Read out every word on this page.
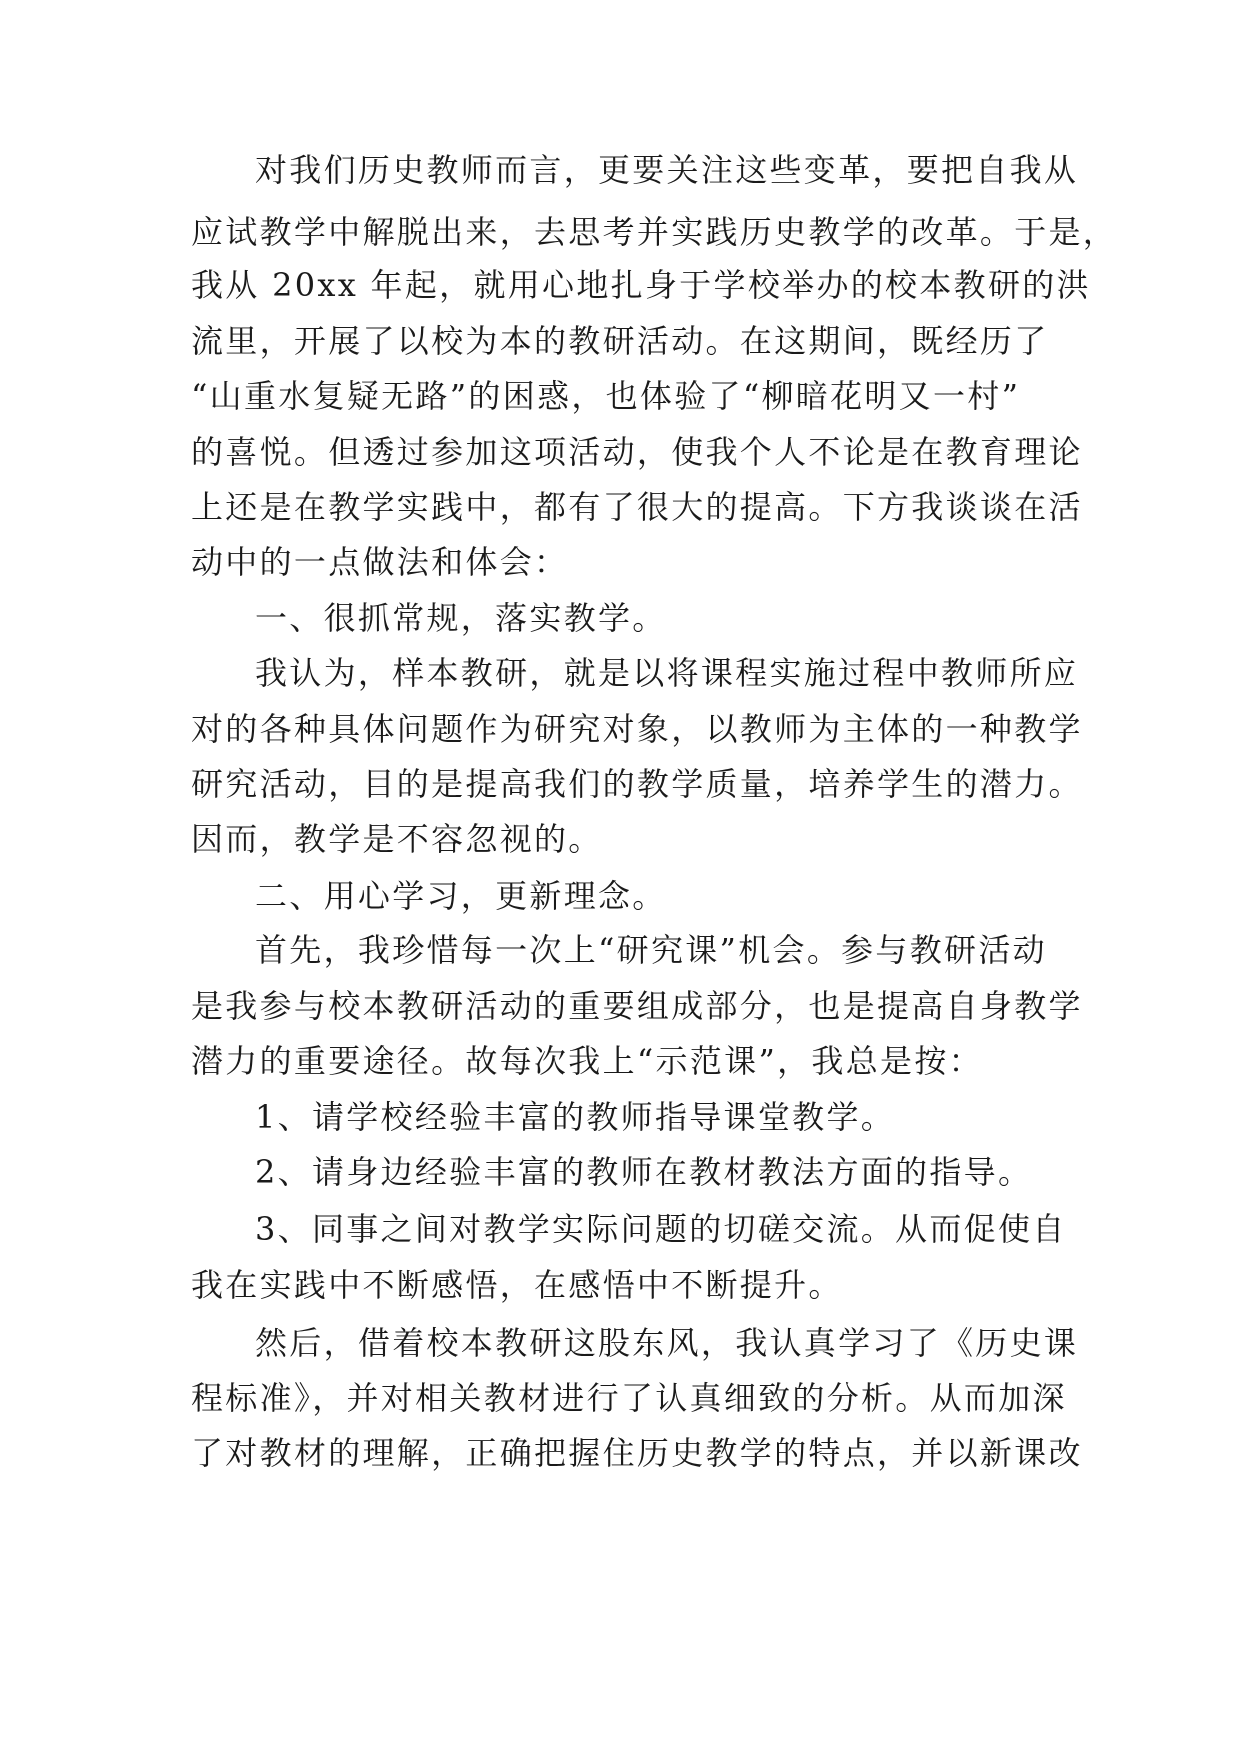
对我们历史教师而言，更要关注这些变革，要把自我从
应试教学中解脱出来，去思考并实践历史教学的改革。于是，
我从 20xx 年起，就用心地扎身于学校举办的校本教研的洪
流里，开展了以校为本的教研活动。在这期间，既经历了
“山重水复疑无路”的困惑，也体验了“柳暗花明又一村”
的喜悦。但透过参加这项活动，使我个人不论是在教育理论
上还是在教学实践中，都有了很大的提高。下方我谈谈在活
动中的一点做法和体会：
一、很抓常规，落实教学。
我认为，样本教研，就是以将课程实施过程中教师所应
对的各种具体问题作为研究对象，以教师为主体的一种教学
研究活动，目的是提高我们的教学质量，培养学生的潜力。
因而，教学是不容忽视的。
二、用心学习，更新理念。
首先，我珍惜每一次上“研究课”机会。参与教研活动
是我参与校本教研活动的重要组成部分，也是提高自身教学
潜力的重要途径。故每次我上“示范课”，我总是按：
1、请学校经验丰富的教师指导课堂教学。
2、请身边经验丰富的教师在教材教法方面的指导。
3、同事之间对教学实际问题的切磋交流。从而促使自
我在实践中不断感悟，在感悟中不断提升。
然后，借着校本教研这股东风，我认真学习了《历史课
程标准》，并对相关教材进行了认真细致的分析。从而加深
了对教材的理解，正确把握住历史教学的特点，并以新课改
